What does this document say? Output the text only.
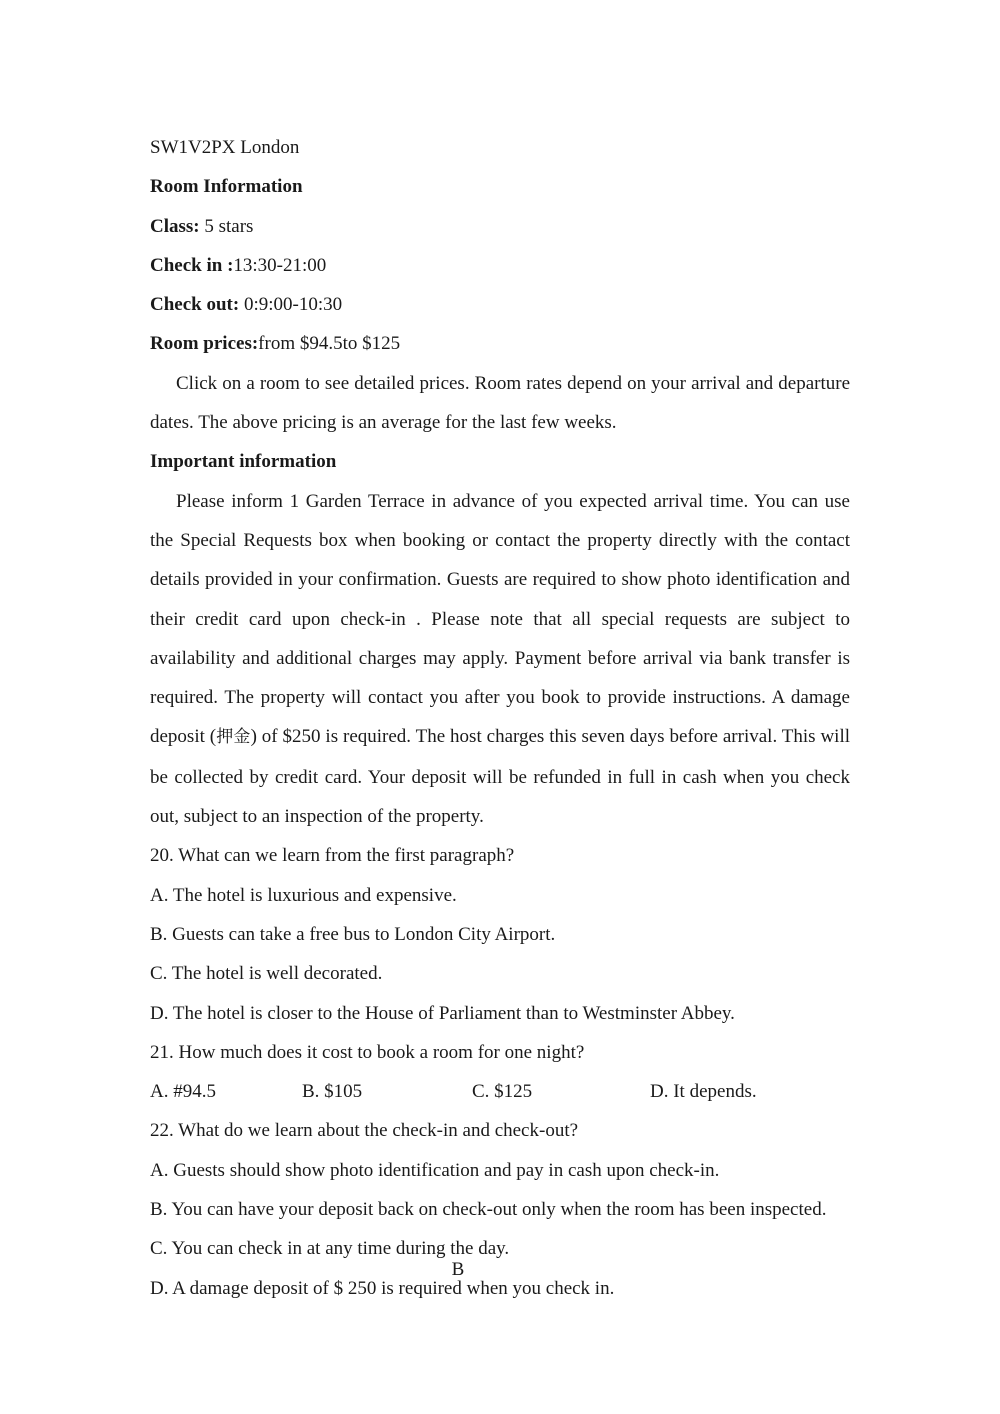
SW1V2PX London

Room Information

Class: 5 stars

Check in :13:30-21:00

Check out: 0:9:00-10:30

Room prices:from $94.5to $125

Click on a room to see detailed prices. Room rates depend on your arrival and departure dates. The above pricing is an average for the last few weeks.

Important information

Please inform 1 Garden Terrace in advance of you expected arrival time. You can use the Special Requests box when booking or contact the property directly with the contact details provided in your confirmation. Guests are required to show photo identification and their credit card upon check-in . Please note that all special requests are subject to availability and additional charges may apply. Payment before arrival via bank transfer is required. The property will contact you after you book to provide instructions. A damage deposit (押金) of $250 is required. The host charges this seven days before arrival. This will be collected by credit card. Your deposit will be refunded in full in cash when you check out, subject to an inspection of the property.

20. What can we learn from the first paragraph?

A. The hotel is luxurious and expensive.

B. Guests can take a free bus to London City Airport.

C. The hotel is well decorated.

D. The hotel is closer to the House of Parliament than to Westminster Abbey.

21. How much does it cost to book a room for one night?

A. #94.5	B. $105	C. $125	D. It depends.

22. What do we learn about the check-in and check-out?

A. Guests should show photo identification and pay in cash upon check-in.

B. You can have your deposit back on check-out only when the room has been inspected.

C. You can check in at any time during the day.

D. A damage deposit of $ 250 is required when you check in.

B
